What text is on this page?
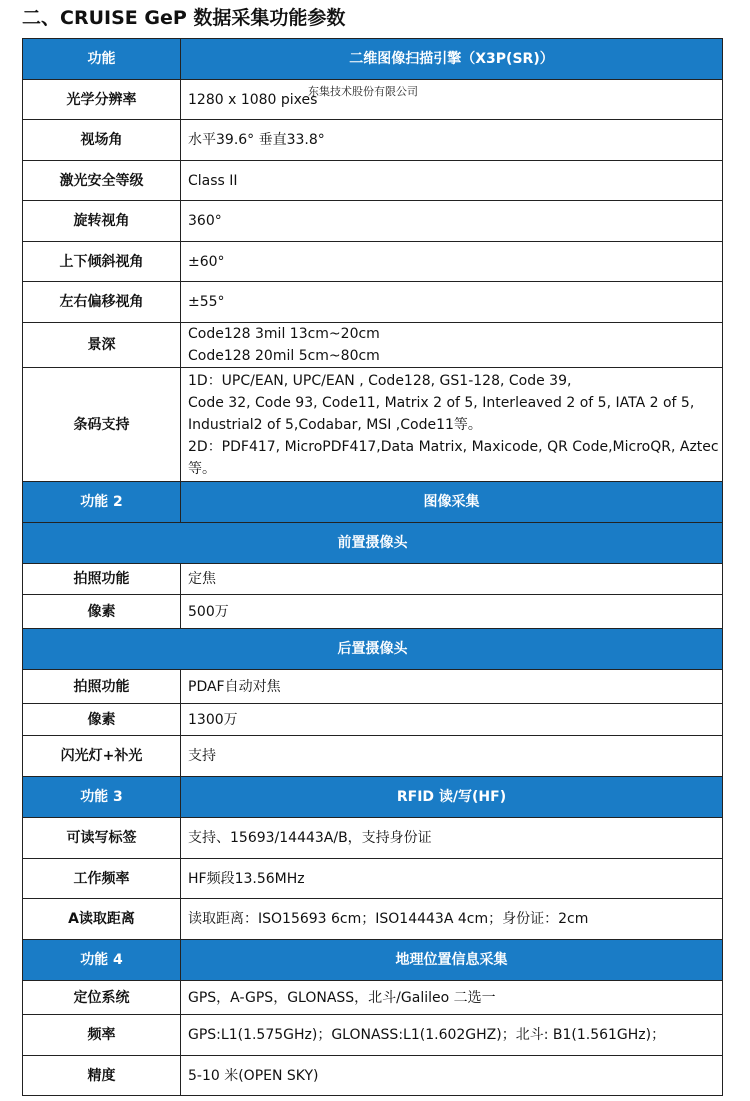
二、CRUISE GeP 数据采集功能参数
功能	二维图像扫描引擎（X3P(SR)）
光学分辨率	1280 x 1080 pixes
视场角	水平39.6° 垂直33.8°
激光安全等级	Class II
旋转视角	360°
上下倾斜视角	±60°
左右偏移视角	±55°
景深	Code128 3mil 13cm~20cm
Code128 20mil 5cm~80cm

条码支持	1D：UPC/EAN, UPC/EAN , Code128, GS1-128, Code 39,
Code 32, Code 93, Code11, Matrix 2 of 5, Interleaved 2 of 5, IATA 2 of 5,
Industrial2 of 5,Codabar, MSI ,Code11等。
2D：PDF417, MicroPDF417,Data Matrix, Maxicode, QR Code,MicroQR, Aztec
等。

功能 2	图像采集
前置摄像头	
拍照功能	定焦
像素	500万
后置摄像头	
拍照功能	PDAF自动对焦
像素	1300万
闪光灯+补光	支持
功能 3	RFID 读/写(HF)
可读写标签	支持、15693/14443A/B，支持身份证
工作频率	HF频段13.56MHz
A读取距离	读取距离：ISO15693 6cm；ISO14443A 4cm；身份证：2cm
功能 4	地理位置信息采集
定位系统	GPS，A-GPS，GLONASS，北斗/Galileo 二选一
频率	GPS:L1(1.575GHz)；GLONASS:L1(1.602GHZ)；北斗: B1(1.561GHz)；
精度	5-10 米(OPEN SKY)
东集技术股份有限公司
